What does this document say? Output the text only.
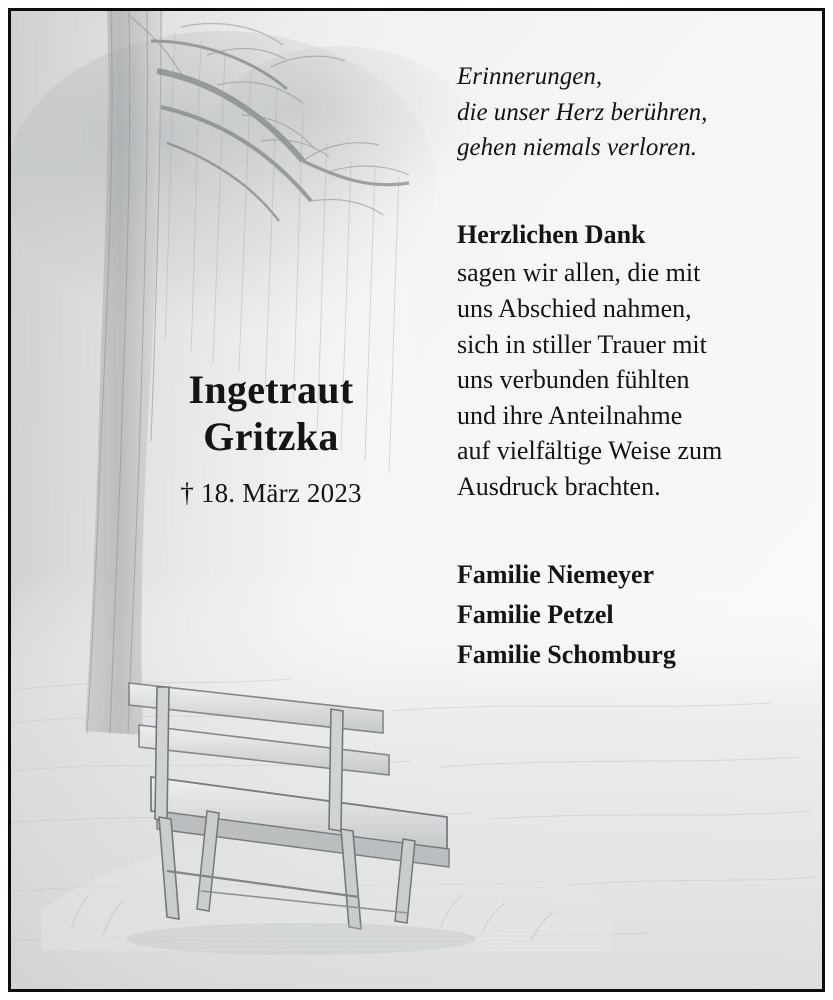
Ingetraut
Gritzka
† 18. März 2023
Erinnerungen,
die unser Herz berühren,
gehen niemals verloren.
Herzlichen Dank
sagen wir allen, die mit
uns Abschied nahmen,
sich in stiller Trauer mit
uns verbunden fühlten
und ihre Anteilnahme
auf vielfältige Weise zum
Ausdruck brachten.
Familie Niemeyer
Familie Petzel
Familie Schomburg
